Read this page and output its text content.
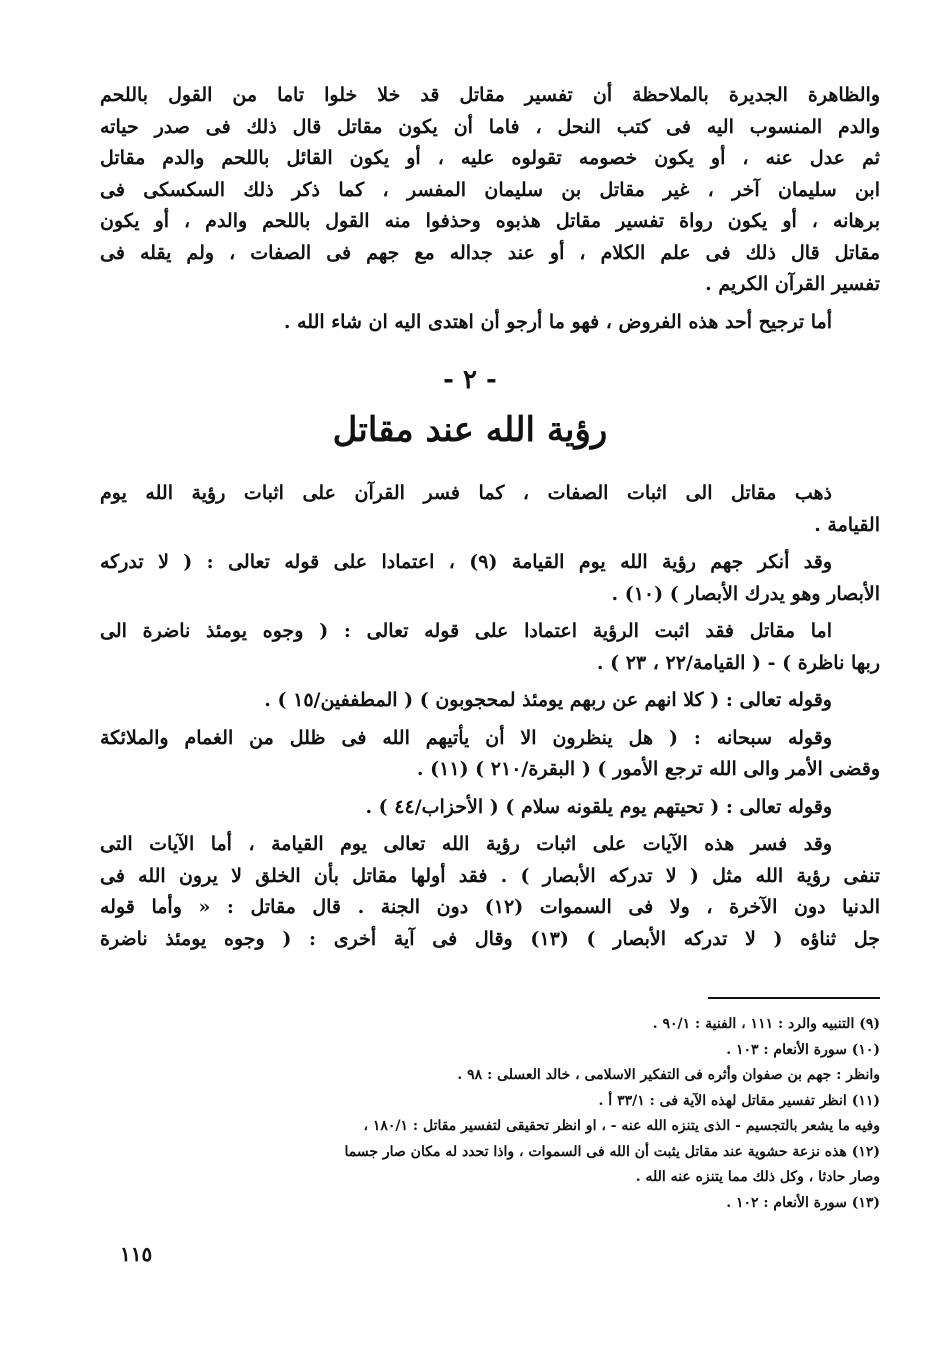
والظاهرة الجديرة بالملاحظة أن تفسير مقاتل قد خلا خلوا تاما من القول باللحم

والدم المنسوب اليه فى كتب النحل ، فاما أن يكون مقاتل قال ذلك فى صدر حياته

ثم عدل عنه ، أو يكون خصومه تقولوه عليه ، أو يكون القائل باللحم والدم مقاتل

ابن سليمان آخر ، غير مقاتل بن سليمان المفسر ، كما ذكر ذلك السكسكى فى

برهانه ، أو يكون رواة تفسير مقاتل هذبوه وحذفوا منه القول باللحم والدم ، أو يكون

مقاتل قال ذلك فى علم الكلام ، أو عند جداله مع جهم فى الصفات ، ولم يقله فى

تفسير القرآن الكريم .

أما ترجيح أحد هذه الفروض ، فهو ما أرجو أن اهتدى اليه ان شاء الله .

- ٢ -
رؤية الله عند مقاتل

ذهب مقاتل الى اثبات الصفات ، كما فسر القرآن على اثبات رؤية الله يوم

القيامة .

وقد أنكر جهم رؤية الله يوم القيامة (٩) ، اعتمادا على قوله تعالى : ( لا تدركه

الأبصار وهو يدرك الأبصار ) (١٠) .

اما مقاتل فقد اثبت الرؤية اعتمادا على قوله تعالى : ( وجوه يومئذ ناضرة الى

ربها ناظرة ) - ( القيامة/٢٢ ، ٢٣ ) .

وقوله تعالى : ( كلا انهم عن ربهم يومئذ لمحجوبون ) ( المطففين/١٥ ) .

وقوله سبحانه : ( هل ينظرون الا أن يأتيهم الله فى ظلل من الغمام والملائكة

وقضى الأمر والى الله ترجع الأمور ) ( البقرة/٢١٠ ) (١١) .

وقوله تعالى : ( تحيتهم يوم يلقونه سلام ) ( الأحزاب/٤٤ ) .

وقد فسر هذه الآيات على اثبات رؤية الله تعالى يوم القيامة ، أما الآيات التى

تنفى رؤية الله مثل ( لا تدركه الأبصار ) . فقد أولها مقاتل بأن الخلق لا يرون الله فى

الدنيا دون الآخرة ، ولا فى السموات (١٢) دون الجنة . قال مقاتل : « وأما قوله

جل ثناؤه ( لا تدركه الأبصار ) (١٣) وقال فى آية أخرى : ( وجوه يومئذ ناضرة

(٩) التنبيه والرد : ١١١ ، الفنية : ٩٠/١ .

(١٠) سورة الأنعام : ١٠٣ .

وانظر : جهم بن صفوان وأثره فى التفكير الاسلامى ، خالد العسلى : ٩٨ .

(١١) انظر تفسير مقاتل لهذه الآية فى : ٣٣/١ أ .

وفيه ما يشعر بالتجسيم - الذى يتنزه الله عنه - ، او انظر تحقيقى لتفسير مقاتل : ١٨٠/١ ،

(١٢) هذه نزعة حشوية عند مقاتل يثبت أن الله فى السموات ، واذا تحدد له مكان صار جسما

وصار حادثا ، وكل ذلك مما يتنزه عنه الله .

(١٣) سورة الأنعام : ١٠٢ .

١١٥
